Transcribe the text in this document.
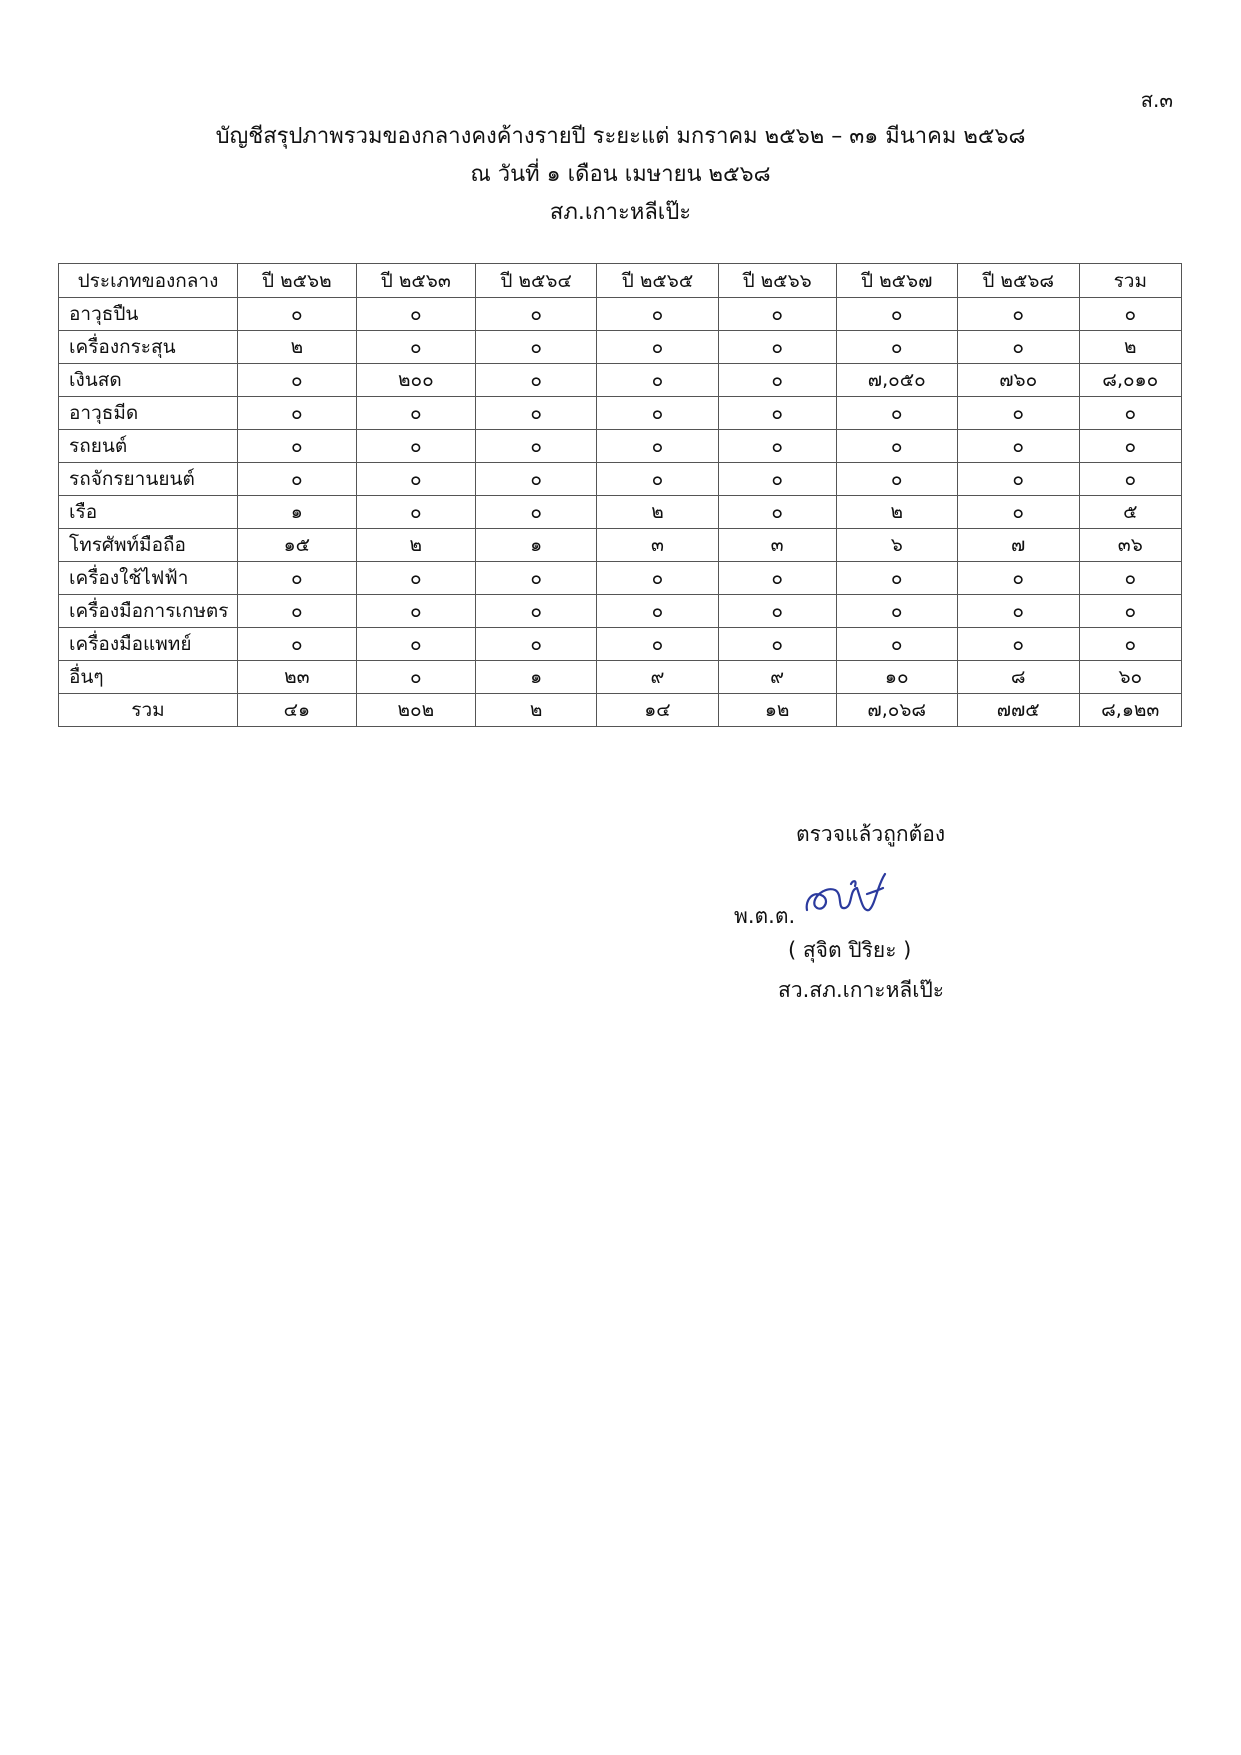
ส.๓
บัญชีสรุปภาพรวมของกลางคงค้างรายปี ระยะแต่ มกราคม ๒๕๖๒ – ๓๑ มีนาคม ๒๕๖๘
ณ วันที่ ๑ เดือน เมษายน ๒๕๖๘
สภ.เกาะหลีเป๊ะ
ประเภทของกลาง	ปี ๒๕๖๒	ปี ๒๕๖๓	ปี ๒๕๖๔	ปี ๒๕๖๕	ปี ๒๕๖๖	ปี ๒๕๖๗	ปี ๒๕๖๘	รวม
อาวุธปืน	๐	๐	๐	๐	๐	๐	๐	๐
เครื่องกระสุน	๒	๐	๐	๐	๐	๐	๐	๒
เงินสด	๐	๒๐๐	๐	๐	๐	๗,๐๕๐	๗๖๐	๘,๐๑๐
อาวุธมีด	๐	๐	๐	๐	๐	๐	๐	๐
รถยนต์	๐	๐	๐	๐	๐	๐	๐	๐
รถจักรยานยนต์	๐	๐	๐	๐	๐	๐	๐	๐
เรือ	๑	๐	๐	๒	๐	๒	๐	๕
โทรศัพท์มือถือ	๑๕	๒	๑	๓	๓	๖	๗	๓๖
เครื่องใช้ไฟฟ้า	๐	๐	๐	๐	๐	๐	๐	๐
เครื่องมือการเกษตร	๐	๐	๐	๐	๐	๐	๐	๐
เครื่องมือแพทย์	๐	๐	๐	๐	๐	๐	๐	๐
อื่นๆ	๒๓	๐	๑	๙	๙	๑๐	๘	๖๐
รวม	๔๑	๒๐๒	๒	๑๔	๑๒	๗,๐๖๘	๗๗๕	๘,๑๒๓
ตรวจแล้วถูกต้อง
พ.ต.ต.
( สุจิต ปิริยะ )
สว.สภ.เกาะหลีเป๊ะ
